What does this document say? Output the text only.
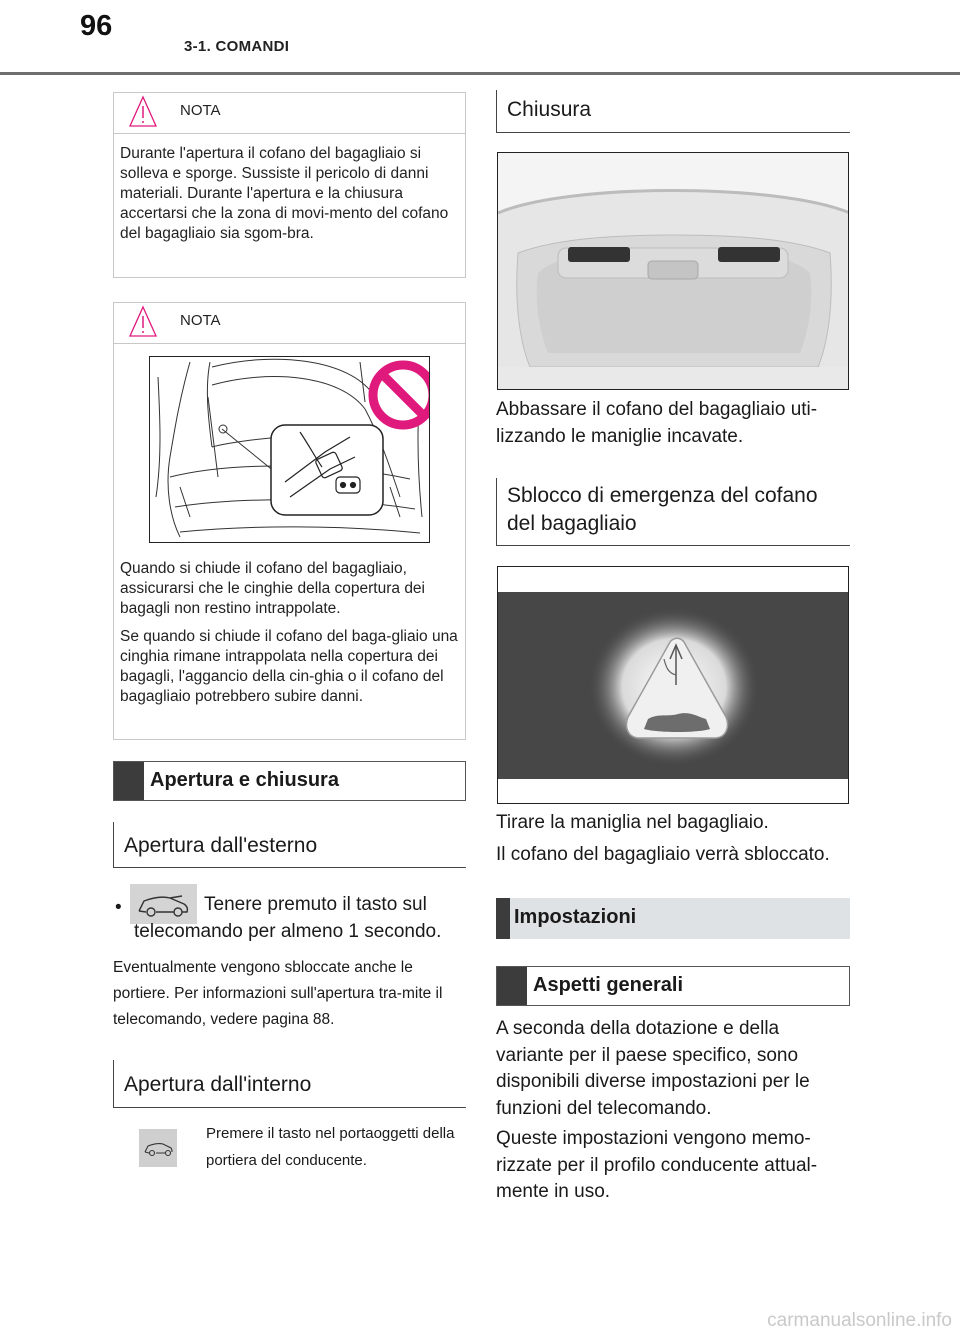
96
3-1. COMANDI
NOTA

Durante l'apertura il cofano del bagagliaio si solleva e sporge. Sussiste il pericolo di danni materiali. Durante l'apertura e la chiusura accertarsi che la zona di movi-mento del cofano del bagagliaio sia sgom-bra.

NOTA

Quando si chiude il cofano del bagagliaio, assicurarsi che le cinghie della copertura dei bagagli non restino intrappolate.

Se quando si chiude il cofano del baga-gliaio una cinghia rimane intrappolata nella copertura dei bagagli, l'aggancio della cin-ghia o il cofano del bagagliaio potrebbero subire danni.

Apertura e chiusura
Apertura dall'esterno
•	Tenere premuto il tasto sul telecomando per almeno 1 secondo.
Eventualmente vengono sbloccate anche le portiere. Per informazioni sull'apertura tra-mite il telecomando, vedere pagina 88.
Apertura dall'interno
Premere il tasto nel portaoggetti della portiera del conducente.
Chiusura
Abbassare il cofano del bagagliaio uti-lizzando le maniglie incavate.
Sblocco di emergenza del cofano del bagagliaio
Tirare la maniglia nel bagagliaio.
Il cofano del bagagliaio verrà sbloccato.
Impostazioni
Aspetti generali
A seconda della dotazione e della variante per il paese specifico, sono disponibili diverse impostazioni per le funzioni del telecomando.
Queste impostazioni vengono memo-rizzate per il profilo conducente attual-mente in uso.
carmanualsonline.info
